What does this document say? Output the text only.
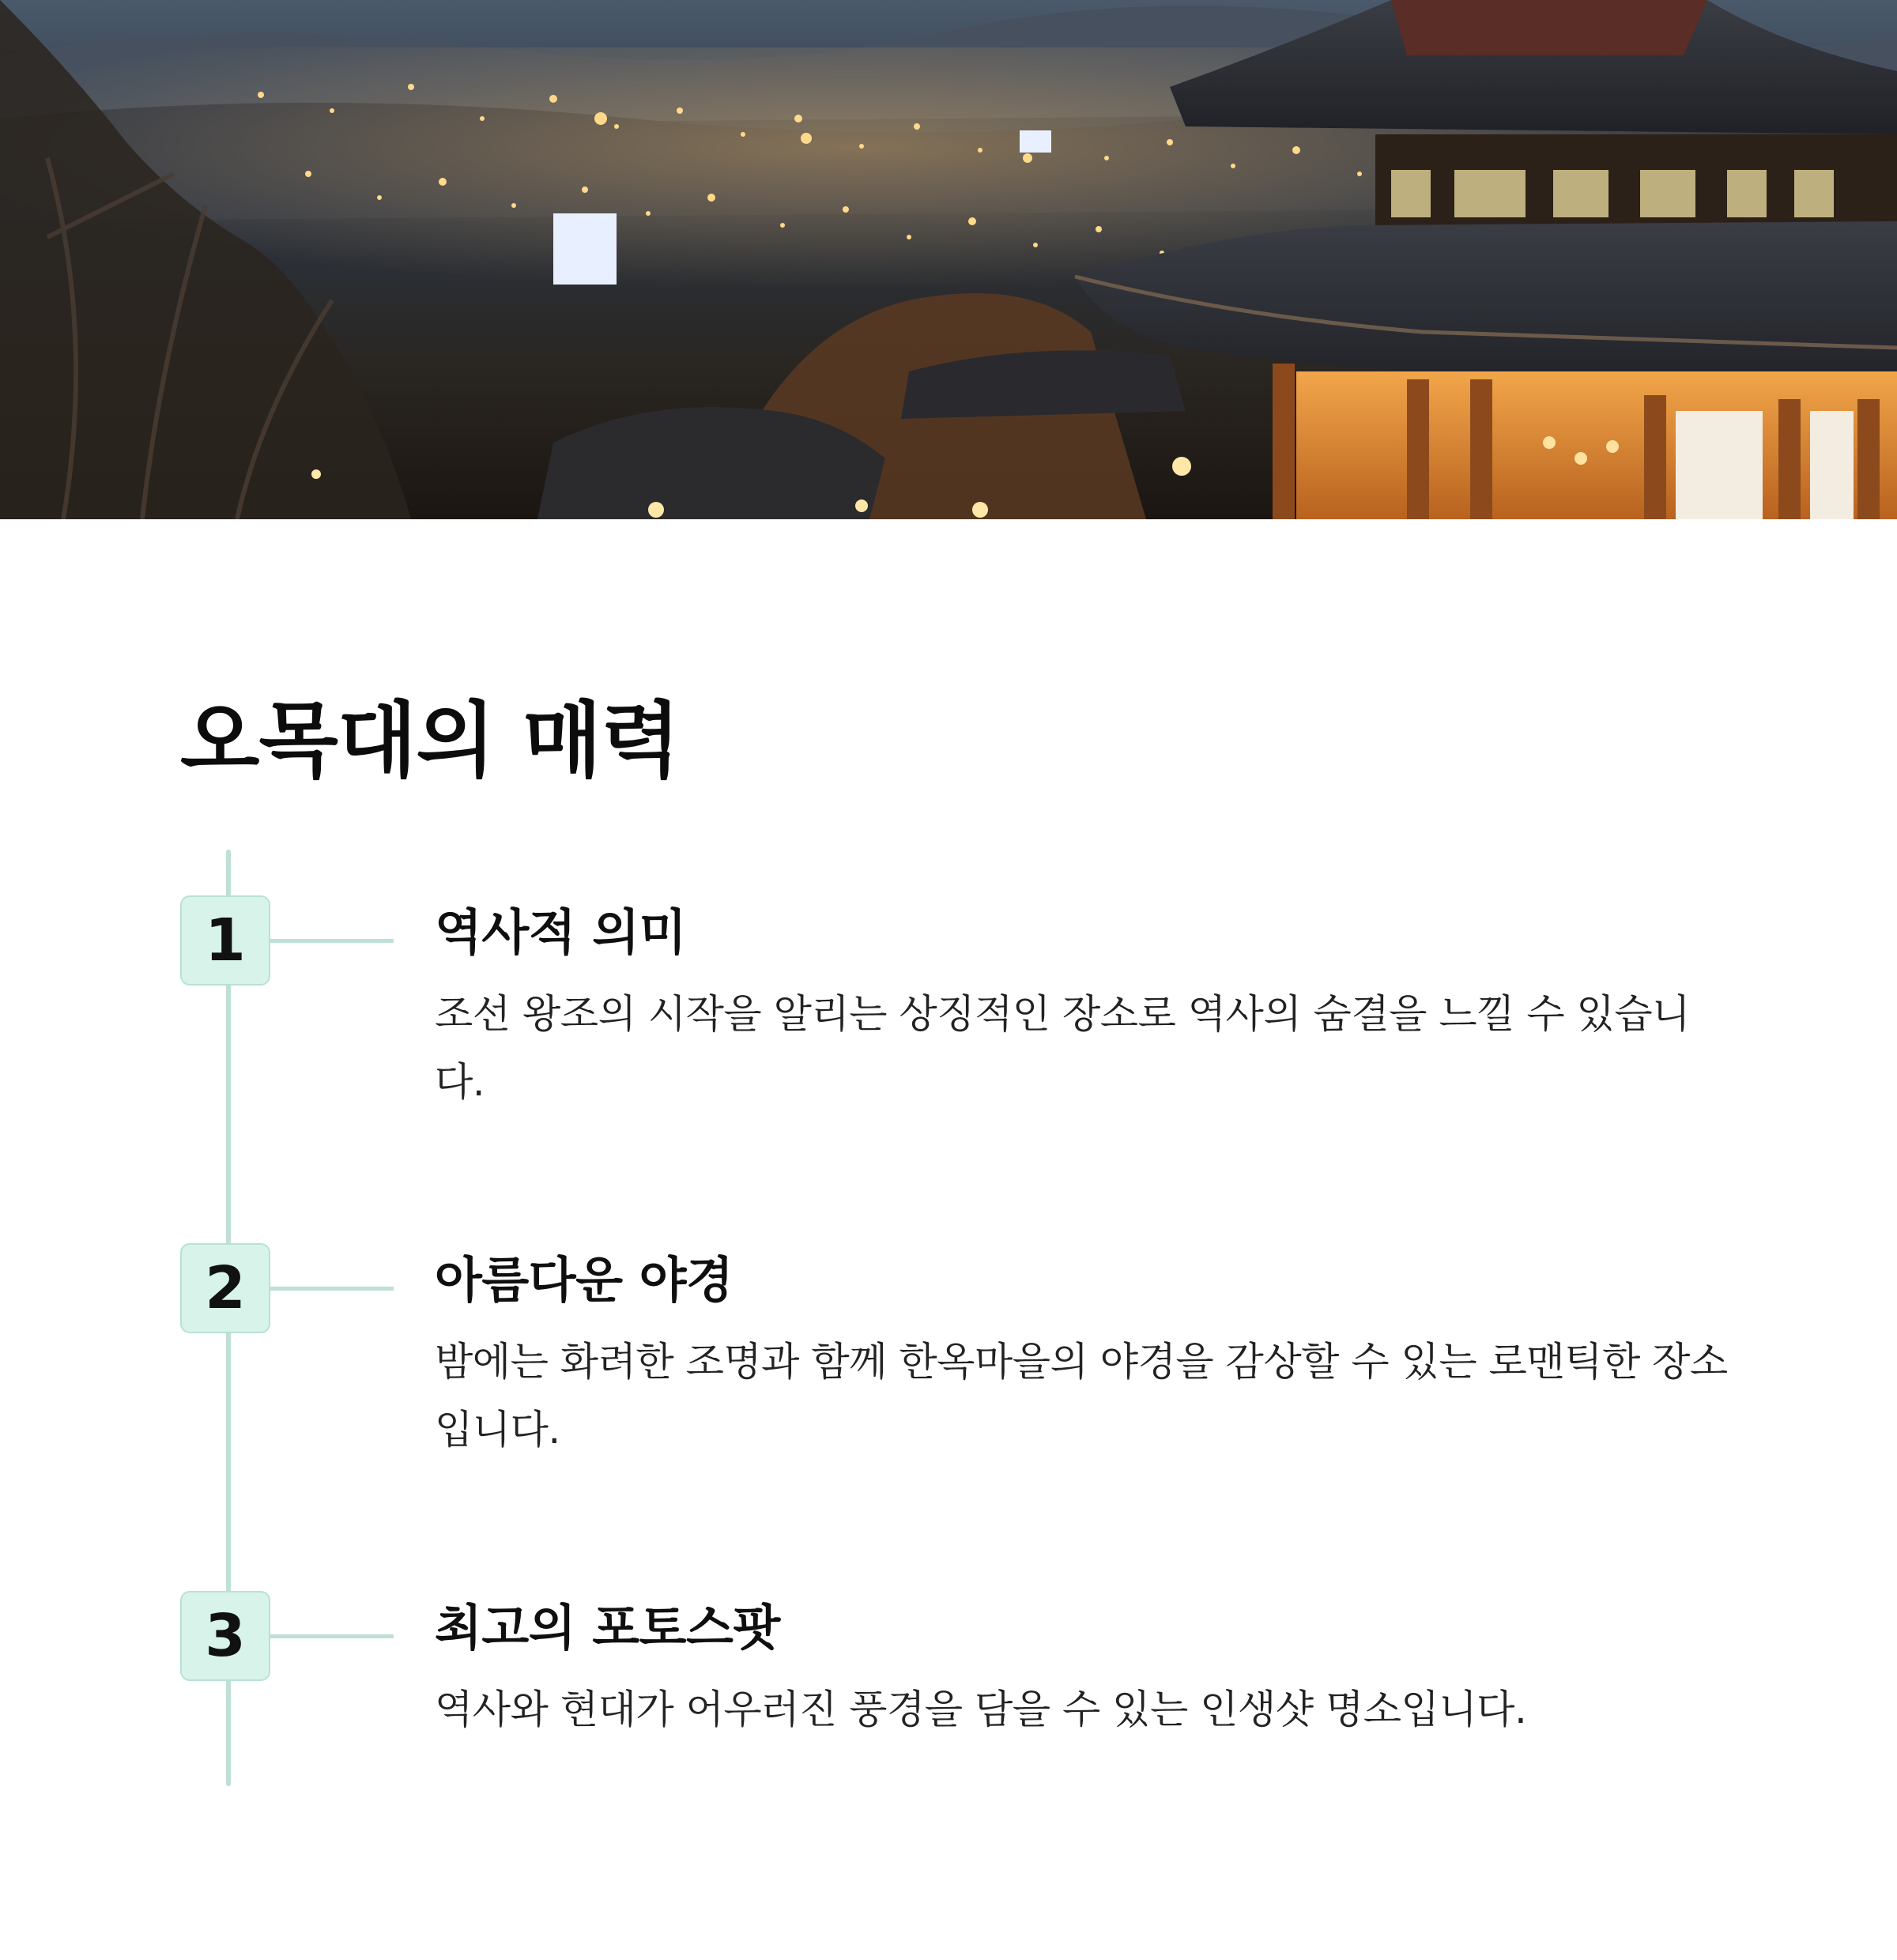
오목대의 매력
1	역사적 의미

조선 왕조의 시작을 알리는 상징적인 장소로 역사의 숨결을 느낄 수 있습니다.

2	아름다운 야경

밤에는 화려한 조명과 함께 한옥마을의 야경을 감상할 수 있는 로맨틱한 장소입니다.

3	최고의 포토스팟

역사와 현대가 어우러진 풍경을 담을 수 있는 인생샷 명소입니다.
